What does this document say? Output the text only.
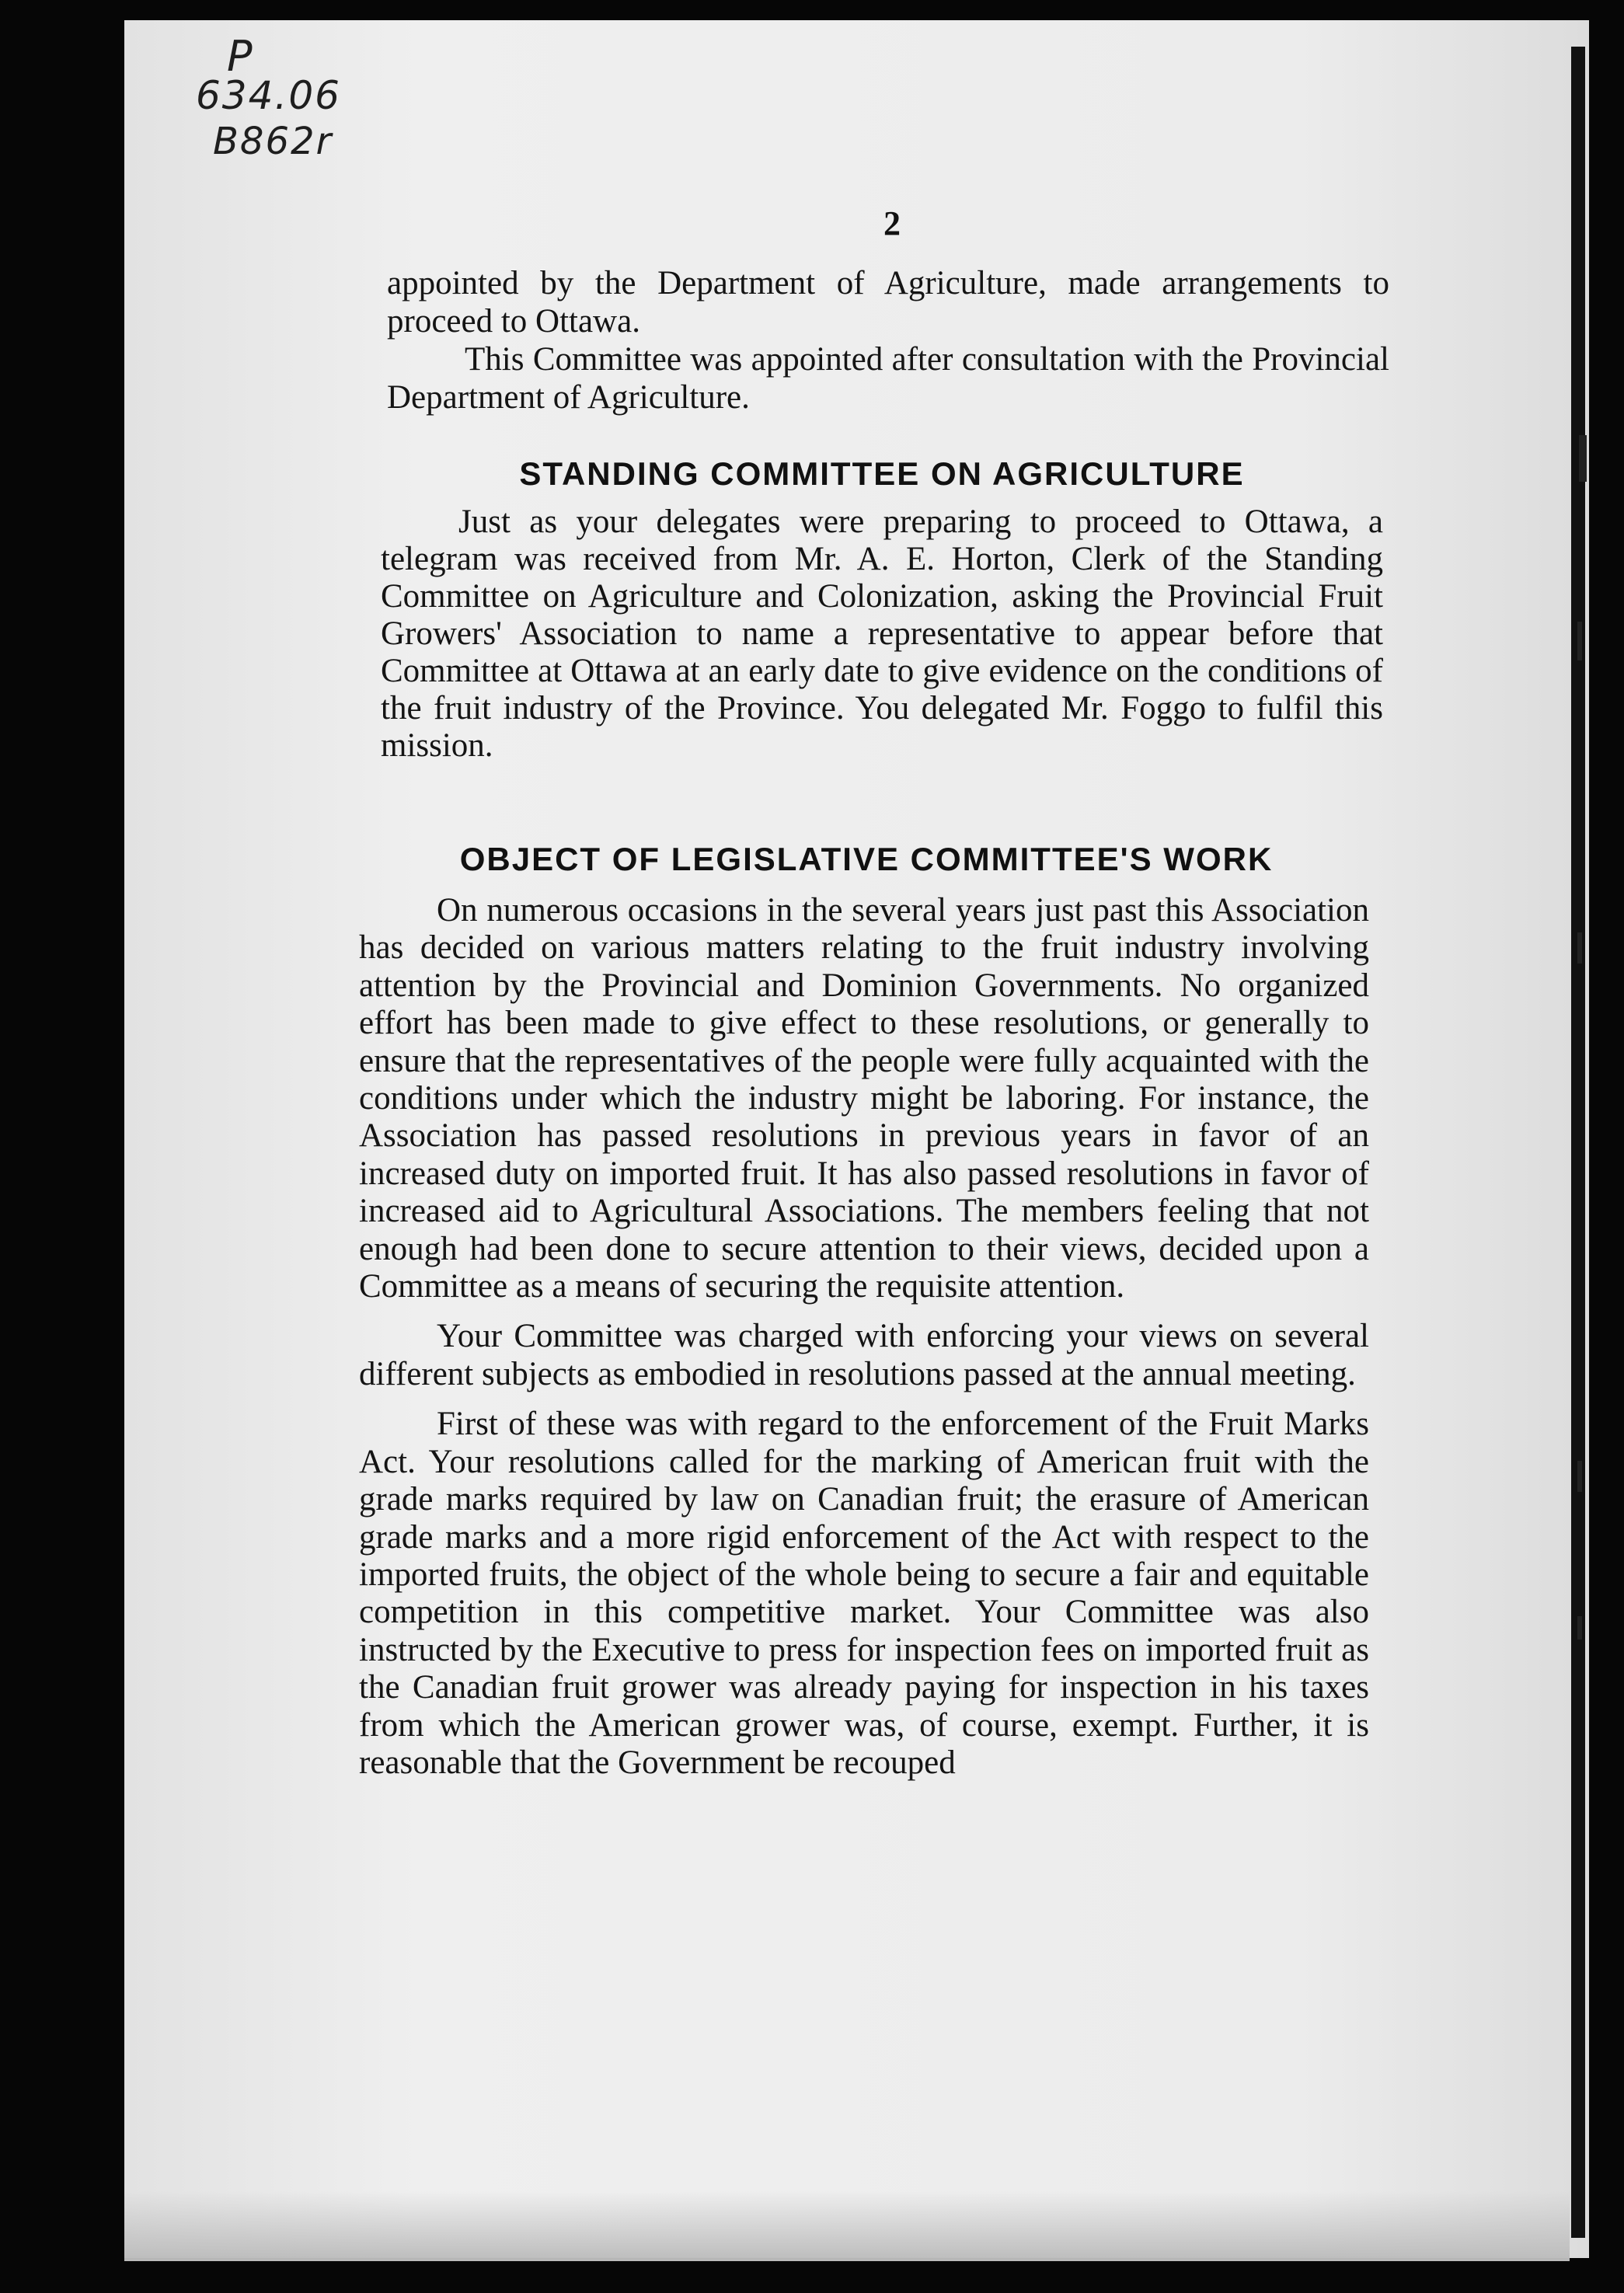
P
634.06
B862r
2

appointed by the Department of Agriculture, made arrangements to proceed to Ottawa.

This Committee was appointed after consultation with the Provincial Department of Agriculture.

STANDING COMMITTEE ON AGRICULTURE

Just as your delegates were preparing to proceed to Ottawa, a telegram was received from Mr. A. E. Horton, Clerk of the Standing Committee on Agriculture and Colonization, asking the Provincial Fruit Growers' Association to name a representative to appear before that Committee at Ottawa at an early date to give evidence on the conditions of the fruit industry of the Province. You delegated Mr. Foggo to fulfil this mission.

OBJECT OF LEGISLATIVE COMMITTEE'S WORK

On numerous occasions in the several years just past this Association has decided on various matters relating to the fruit industry involving attention by the Provincial and Dominion Governments. No organized effort has been made to give effect to these resolutions, or generally to ensure that the representatives of the people were fully acquainted with the conditions under which the industry might be laboring. For instance, the Association has passed resolutions in previous years in favor of an increased duty on imported fruit. It has also passed resolutions in favor of increased aid to Agricultural Associations. The members feeling that not enough had been done to secure attention to their views, decided upon a Committee as a means of securing the requisite attention.

Your Committee was charged with enforcing your views on several different subjects as embodied in resolutions passed at the annual meeting.

First of these was with regard to the enforcement of the Fruit Marks Act. Your resolutions called for the marking of American fruit with the grade marks required by law on Canadian fruit; the erasure of American grade marks and a more rigid enforcement of the Act with respect to the imported fruits, the object of the whole being to secure a fair and equitable competition in this competitive market. Your Committee was also instructed by the Executive to press for inspection fees on imported fruit as the Canadian fruit grower was already paying for inspection in his taxes from which the American grower was, of course, exempt. Further, it is reasonable that the Government be recouped
